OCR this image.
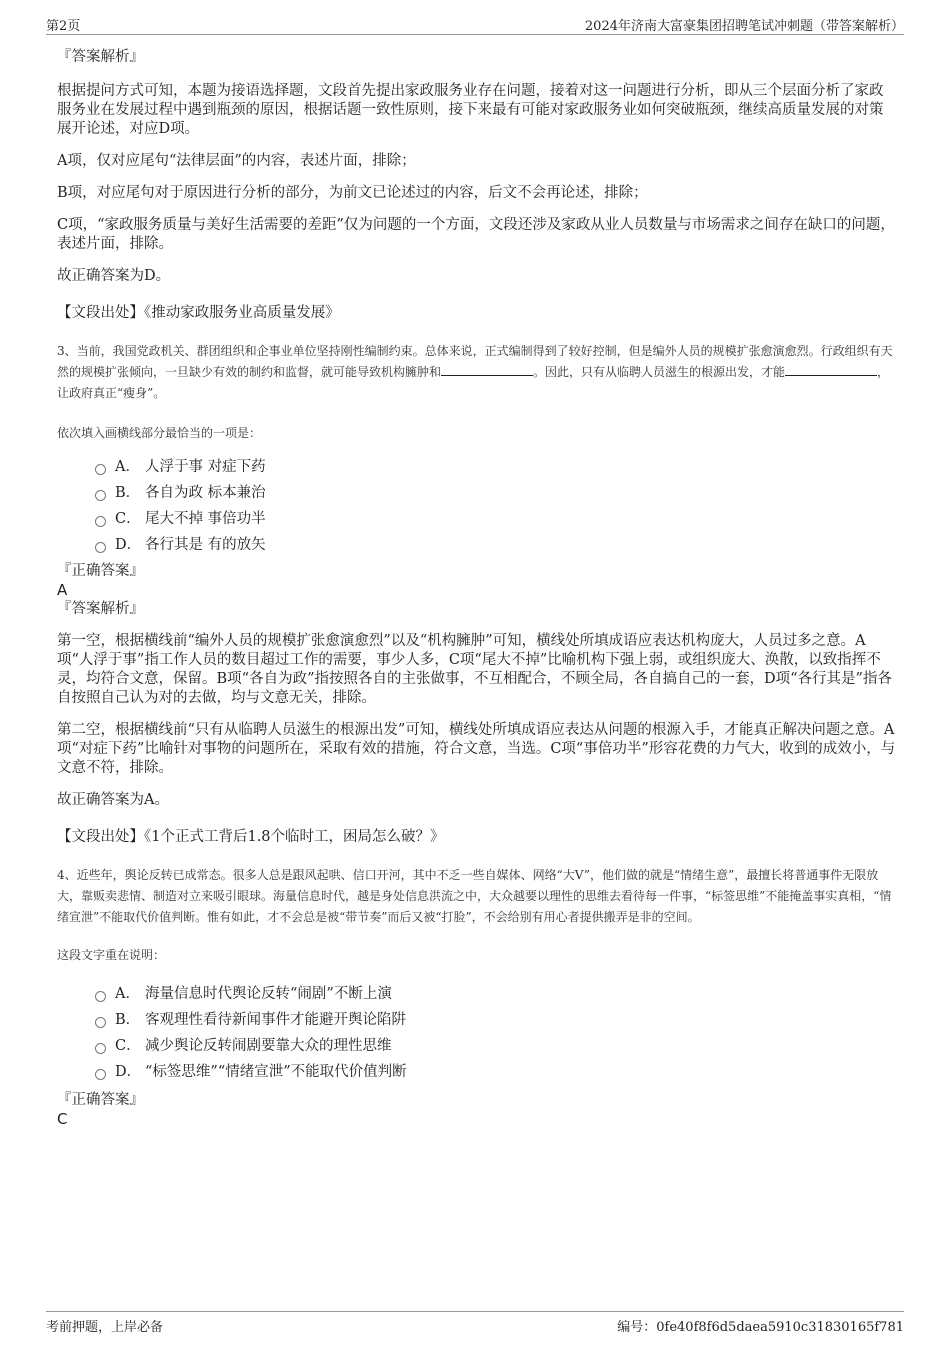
第2页	2024年济南大富豪集团招聘笔试冲刺题（带答案解析）

『答案解析』

根据提问方式可知，本题为接语选择题，文段首先提出家政服务业存在问题，接着对这一问题进行分析，即从三个层面分析了家政服务业在发展过程中遇到瓶颈的原因，根据话题一致性原则，接下来最有可能对家政服务业如何突破瓶颈，继续高质量发展的对策展开论述，对应D项。

A项，仅对应尾句“法律层面”的内容，表述片面，排除；

B项，对应尾句对于原因进行分析的部分，为前文已论述过的内容，后文不会再论述，排除；

C项，“家政服务质量与美好生活需要的差距”仅为问题的一个方面，文段还涉及家政从业人员数量与市场需求之间存在缺口的问题，表述片面，排除。

故正确答案为D。

【文段出处】《推动家政服务业高质量发展》

3、当前，我国党政机关、群团组织和企事业单位坚持刚性编制约束。总体来说，正式编制得到了较好控制，但是编外人员的规模扩张愈演愈烈。行政组织有天然的规模扩张倾向，一旦缺少有效的制约和监督，就可能导致机构臃肿和	。因此，只有从临聘人员滋生的根源出发，才能	，让政府真正“瘦身”。

依次填入画横线部分最恰当的一项是：

A． 人浮于事 对症下药
B． 各自为政 标本兼治
C． 尾大不掉 事倍功半
D． 各行其是 有的放矢

『正确答案』

A

『答案解析』

第一空，根据横线前“编外人员的规模扩张愈演愈烈”以及“机构臃肿”可知，横线处所填成语应表达机构庞大，人员过多之意。A项“人浮于事”指工作人员的数目超过工作的需要，事少人多，C项“尾大不掉”比喻机构下强上弱，或组织庞大、涣散，以致指挥不灵，均符合文意，保留。B项“各自为政”指按照各自的主张做事，不互相配合，不顾全局，各自搞自己的一套，D项“各行其是”指各自按照自己认为对的去做，均与文意无关，排除。

第二空，根据横线前“只有从临聘人员滋生的根源出发”可知，横线处所填成语应表达从问题的根源入手，才能真正解决问题之意。A项“对症下药”比喻针对事物的问题所在，采取有效的措施，符合文意，当选。C项“事倍功半”形容花费的力气大，收到的成效小，与文意不符，排除。

故正确答案为A。

【文段出处】《1个正式工背后1.8个临时工，困局怎么破？》

4、近些年，舆论反转已成常态。很多人总是跟风起哄、信口开河，其中不乏一些自媒体、网络“大V”，他们做的就是“情绪生意”，最擅长将普通事件无限放大，靠贩卖悲情、制造对立来吸引眼球。海量信息时代，越是身处信息洪流之中，大众越要以理性的思维去看待每一件事，“标签思维”不能掩盖事实真相，“情绪宣泄”不能取代价值判断。惟有如此，才不会总是被“带节奏”而后又被“打脸”，不会给别有用心者提供搬弄是非的空间。

这段文字重在说明：

A． 海量信息时代舆论反转“闹剧”不断上演
B． 客观理性看待新闻事件才能避开舆论陷阱
C． 减少舆论反转闹剧要靠大众的理性思维
D． “标签思维”“情绪宣泄”不能取代价值判断

『正确答案』

C

考前押题，上岸必备	编号：0fe40f8f6d5daea5910c31830165f781
